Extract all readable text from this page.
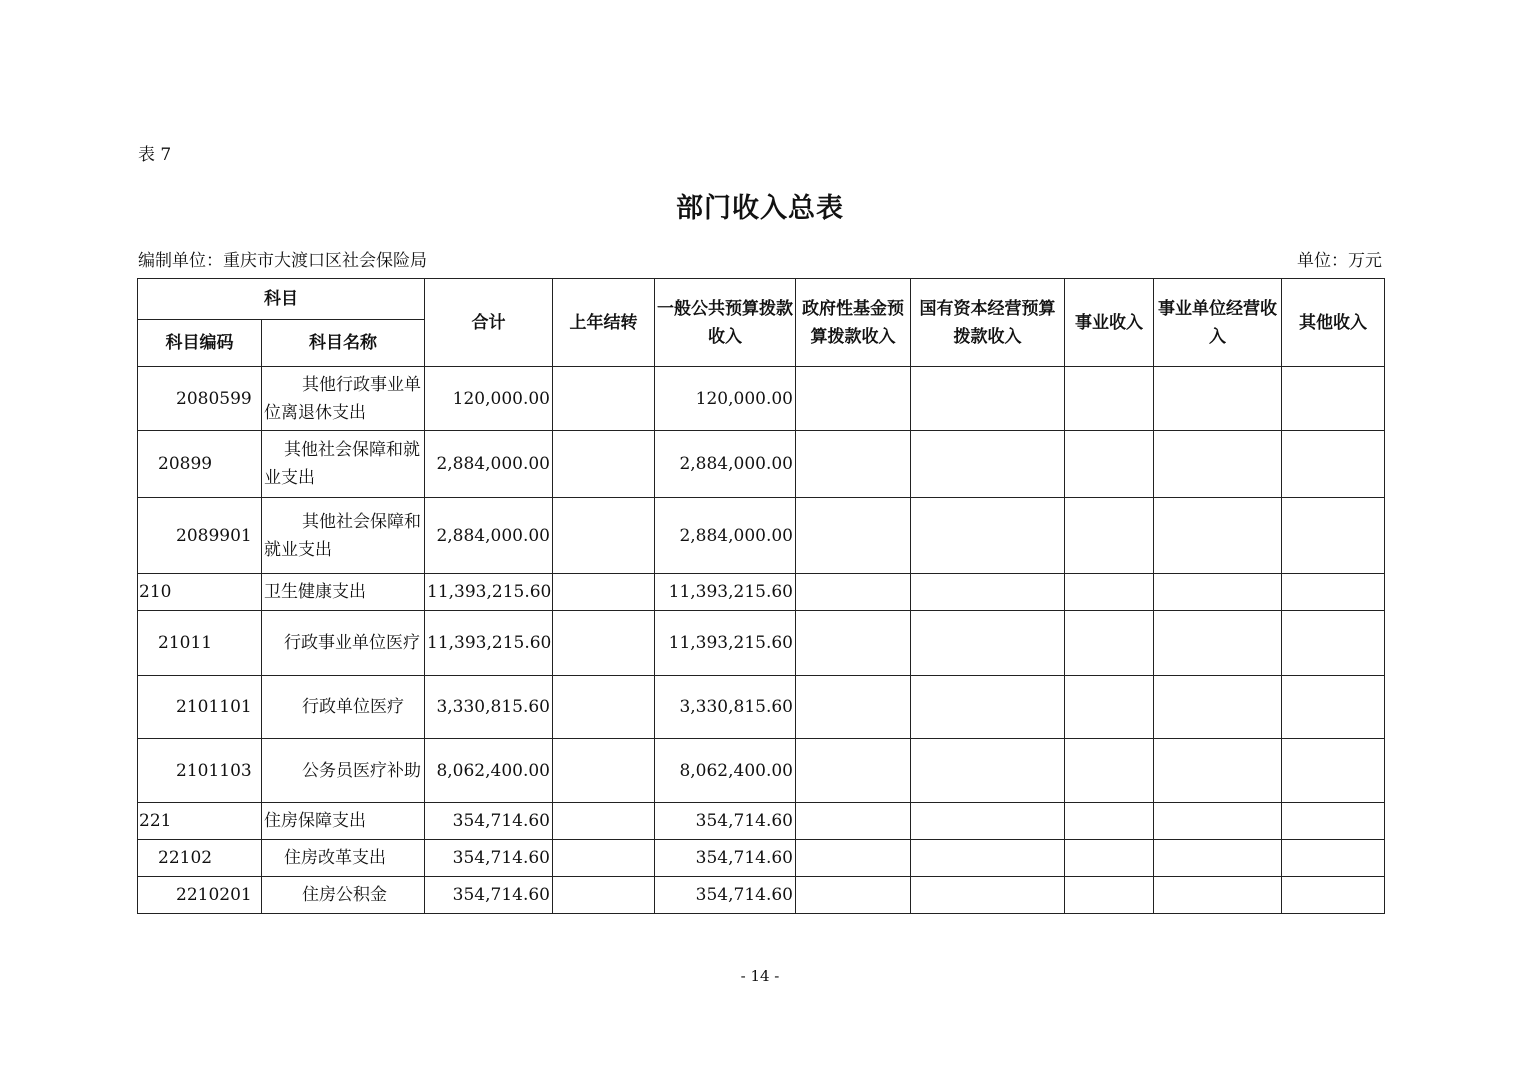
表 7
部门收入总表
编制单位：重庆市大渡口区社会保险局	单位：万元
科目		合计	上年结转	一般公共预算拨款收入	政府性基金预算拨款收入	国有资本经营预算拨款收入	事业收入	事业单位经营收入	其他收入
科目编码	科目名称								
2080599	其他行政事业单位离退休支出	120,000.00		120,000.00					
20899	其他社会保障和就业支出	2,884,000.00		2,884,000.00					
2089901	其他社会保障和就业支出	2,884,000.00		2,884,000.00					
210	卫生健康支出	11,393,215.60		11,393,215.60					
21011	行政事业单位医疗	11,393,215.60		11,393,215.60					
2101101	行政单位医疗	3,330,815.60		3,330,815.60					
2101103	公务员医疗补助	8,062,400.00		8,062,400.00					
221	住房保障支出	354,714.60		354,714.60					
22102	住房改革支出	354,714.60		354,714.60					
2210201	住房公积金	354,714.60		354,714.60					
- 14 -
